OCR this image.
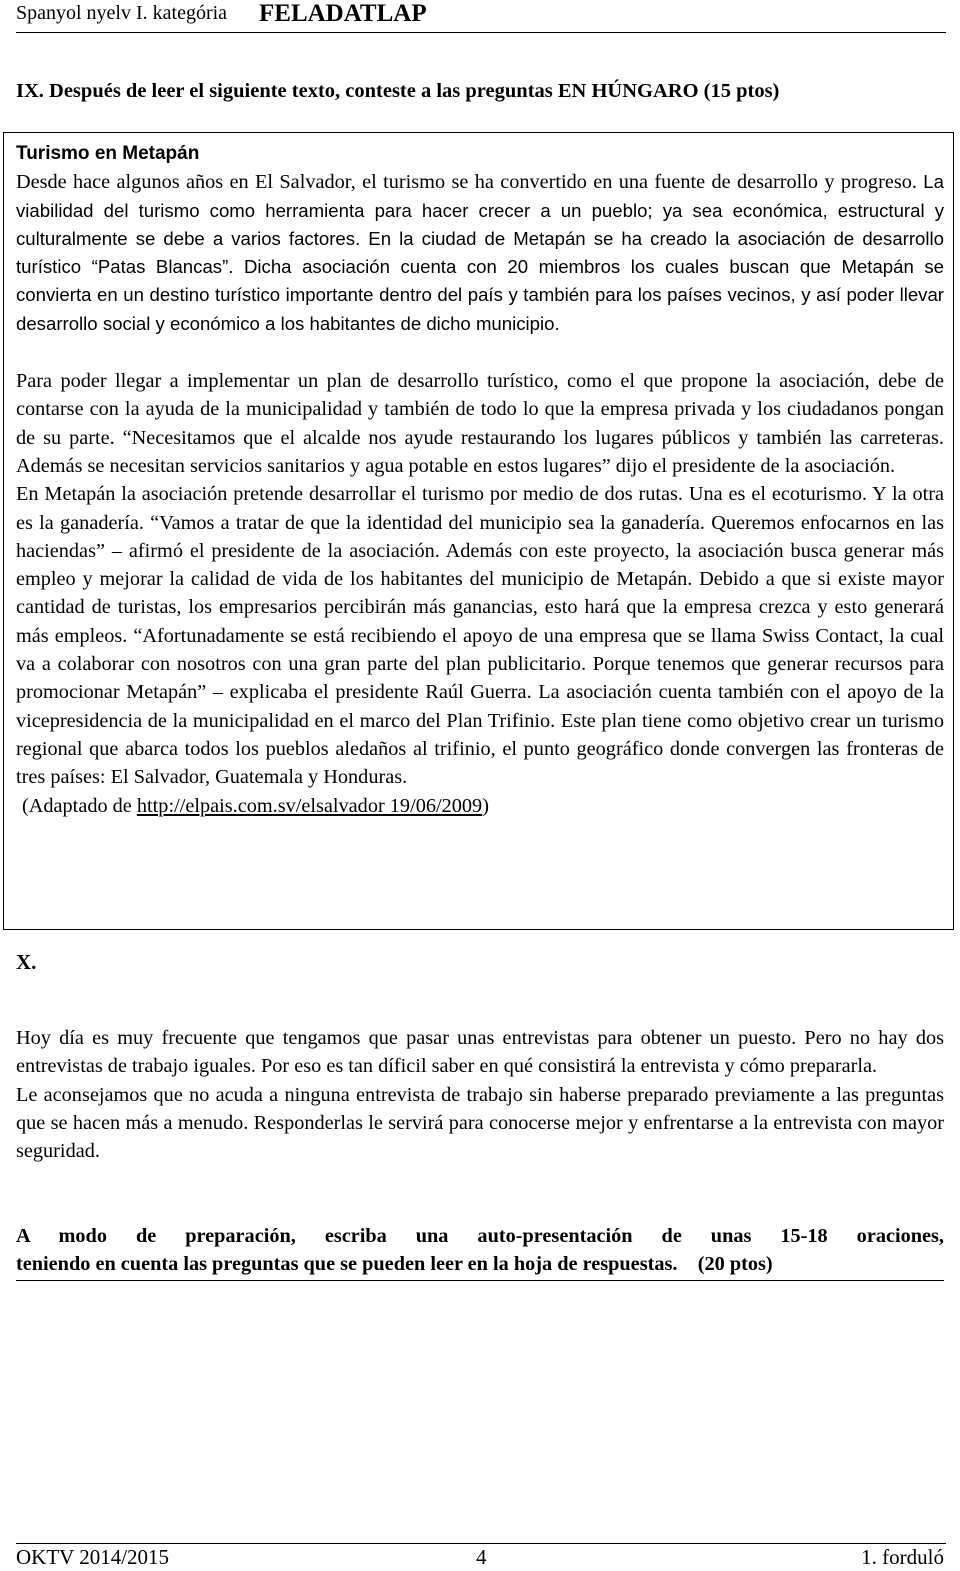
Spanyol nyelv I. kategória FELADATLAP
IX. Después de leer el siguiente texto, conteste a las preguntas EN HÚNGARO (15 ptos)

Turismo en Metapán

Desde hace algunos años en El Salvador, el turismo se ha convertido en una fuente de desarrollo y progreso. La viabilidad del turismo como herramienta para hacer crecer a un pueblo; ya sea económica, estructural y culturalmente se debe a varios factores. En la ciudad de Metapán se ha creado la asociación de desarrollo turístico “Patas Blancas”. Dicha asociación cuenta con 20 miembros los cuales buscan que Metapán se convierta en un destino turístico importante dentro del país y también para los países vecinos, y así poder llevar desarrollo social y económico a los habitantes de dicho municipio.

Para poder llegar a implementar un plan de desarrollo turístico, como el que propone la asociación, debe de contarse con la ayuda de la municipalidad y también de todo lo que la empresa privada y los ciudadanos pongan de su parte. “Necesitamos que el alcalde nos ayude restaurando los lugares públicos y también las carreteras. Además se necesitan servicios sanitarios y agua potable en estos lugares” dijo el presidente de la asociación.

En Metapán la asociación pretende desarrollar el turismo por medio de dos rutas. Una es el ecoturismo. Y la otra es la ganadería. “Vamos a tratar de que la identidad del municipio sea la ganadería. Queremos enfocarnos en las haciendas” – afirmó el presidente de la asociación. Además con este proyecto, la asociación busca generar más empleo y mejorar la calidad de vida de los habitantes del municipio de Metapán. Debido a que si existe mayor cantidad de turistas, los empresarios percibirán más ganancias, esto hará que la empresa crezca y esto generará más empleos. “Afortunadamente se está recibiendo el apoyo de una empresa que se llama Swiss Contact, la cual va a colaborar con nosotros con una gran parte del plan publicitario. Porque tenemos que generar recursos para promocionar Metapán” – explicaba el presidente Raúl Guerra. La asociación cuenta también con el apoyo de la vicepresidencia de la municipalidad en el marco del Plan Trifinio. Este plan tiene como objetivo crear un turismo regional que abarca todos los pueblos aledaños al trifinio, el punto geográfico donde convergen las fronteras de tres países: El Salvador, Guatemala y Honduras.

(Adaptado de http://elpais.com.sv/elsalvador 19/06/2009)

X.

Hoy día es muy frecuente que tengamos que pasar unas entrevistas para obtener un puesto. Pero no hay dos entrevistas de trabajo iguales. Por eso es tan díficil saber en qué consistirá la entrevista y cómo prepararla.

Le aconsejamos que no acuda a ninguna entrevista de trabajo sin haberse preparado previamente a las preguntas que se hacen más a menudo. Responderlas le servirá para conocerse mejor y enfrentarse a la entrevista con mayor seguridad.

A modo de preparación, escriba una auto-presentación de unas 15-18 oraciones,

teniendo en cuenta las preguntas que se pueden leer en la hoja de respuestas.    (20 ptos)

OKTV 2014/2015	4	1. forduló
